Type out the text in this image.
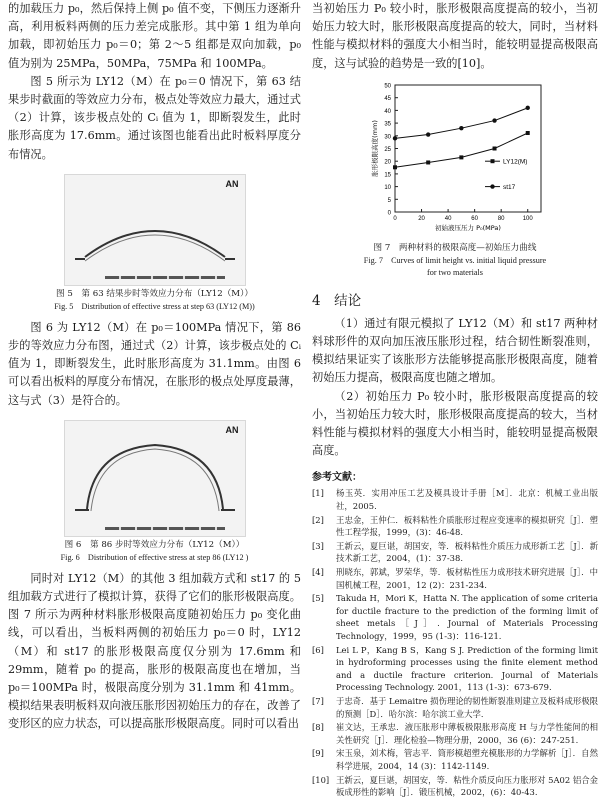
的加载压力 p₀，然后保持上侧 p₀ 值不变，下侧压力逐渐升高，利用板料两侧的压力差完成胀形。其中第 1 组为单向加载，即初始压力 p₀＝0；第 2～5 组都是双向加载，p₀ 值为别为 25MPa，50MPa，75MPa 和 100MPa。

图 5 所示为 LY12（M）在 p₀＝0 情况下，第 63 结果步时截面的等效应力分布，极点处等效应力最大，通过式（2）计算，该步极点处的 Cᵢ 值为 1，即断裂发生，此时胀形高度为 17.6mm。通过该图也能看出此时板料厚度分布情况。

AN
图 5　第 63 结果步时等效应力分布（LY12（M））
Fig. 5　Distribution of effective stress at step 63 (LY12 (M))

图 6 为 LY12（M）在 p₀＝100MPa 情况下，第 86 步的等效应力分布图，通过式（2）计算，该步极点处的 Cᵢ 值为 1，即断裂发生，此时胀形高度为 31.1mm。由图 6 可以看出板料的厚度分布情况，在胀形的极点处厚度最薄，这与式（3）是符合的。

AN
图 6　第 86 步时等效应力分布（LY12（M））
Fig. 6　Distribution of effective stress at step 86 (LY12 )

同时对 LY12（M）的其他 3 组加载方式和 st17 的 5 组加载方式进行了模拟计算，获得了它们的胀形极限高度。图 7 所示为两种材料胀形极限高度随初始压力 p₀ 变化曲线，可以看出，当板料两侧的初始压力 p₀＝0 时，LY12（M）和 st17 的胀形极限高度仅分别为 17.6mm 和 29mm，随着 p₀ 的提高，胀形的极限高度也在增加，当 p₀＝100MPa 时，极限高度分别为 31.1mm 和 41mm。模拟结果表明板料双向液压胀形因初始压力的存在，改善了变形区的应力状态，可以提高胀形极限高度。同时可以看出

当初始压力 P₀ 较小时，胀形极限高度提高的较小，当初始压力较大时，胀形极限高度提高的较大，同时，当材料性能与模拟材料的强度大小相当时，能较明显提高极限高度，这与试验的趋势是一致的[10]。

0
5
10
15
20
25
30
35
40
45
50
0	20	40	60	80	100
初始液压压力 P₀(MPa)
胀形极限高度(mm)	LY12(M)
st17
图 7　两种材料的极限高度—初始压力曲线
Fig. 7　Curves of limit height vs. initial liquid pressure
for two materials
4　结论

（1）通过有限元模拟了 LY12（M）和 st17 两种材料球形件的双向加压液压胀形过程，结合韧性断裂准则，模拟结果证实了该胀形方法能够提高胀形极限高度，随着初始压力提高，极限高度也随之增加。

（2）初始压力 P₀ 较小时，胀形极限高度提高的较小，当初始压力较大时，胀形极限高度提高的较大，当材料性能与模拟材料的强度大小相当时，能较明显提高极限高度。

参考文献：
[1]	杨玉英．实用冲压工艺及模具设计手册［M］．北京：机械工业出版社，2005.
[2]	王忠金，王仲仁．板料粘性介质胀形过程应变速率的模拟研究［J］．塑性工程学报，1999，(3)：46-48.
[3]	王新云，夏巨谌，胡国安，等．板料粘性介质压力成形新工艺［J］．新技术新工艺，2004，(1)：37-38.
[4]	刑晓东，郭斌，罗荣华，等．板材粘性压力成形技术研究进展［J］．中国机械工程，2001，12 (2)：231-234.
[5]	Takuda H，Mori K，Hatta N. The application of some criteria for ductile fracture to the prediction of the forming limit of sheet metals［J］. Journal of Materials Processing Technology，1999，95 (1-3)：116-121.
[6]	Lei L P，Kang B S，Kang S J. Prediction of the forming limit in hydroforming processes using the finite element method and a ductile fracture criterion. Journal of Materials Processing Technology. 2001，113 (1-3)：673-679.
[7]	于忠奇．基于 Lemaitre 损伤理论的韧性断裂准则建立及板料成形极限的预测［D］．哈尔滨：哈尔滨工业大学．
[8]	崔文达，王承忠．液压胀形中薄板极限胀形高度 H 与力学性能间的相关性研究［J］．理化检验—物理分册，2000，36 (6)：247-251.
[9]	宋玉泉，刘术梅，管志平．筒形模超塑充模胀形的力学解析［J］．自然科学进展，2004，14 (3)：1142-1149.
[10] 王新云，夏巨谌，胡国安，等．粘性介质反向压力胀形对 5A02 铝合金板成形性的影响［J］．锻压机械，2002，(6)：40-43.
